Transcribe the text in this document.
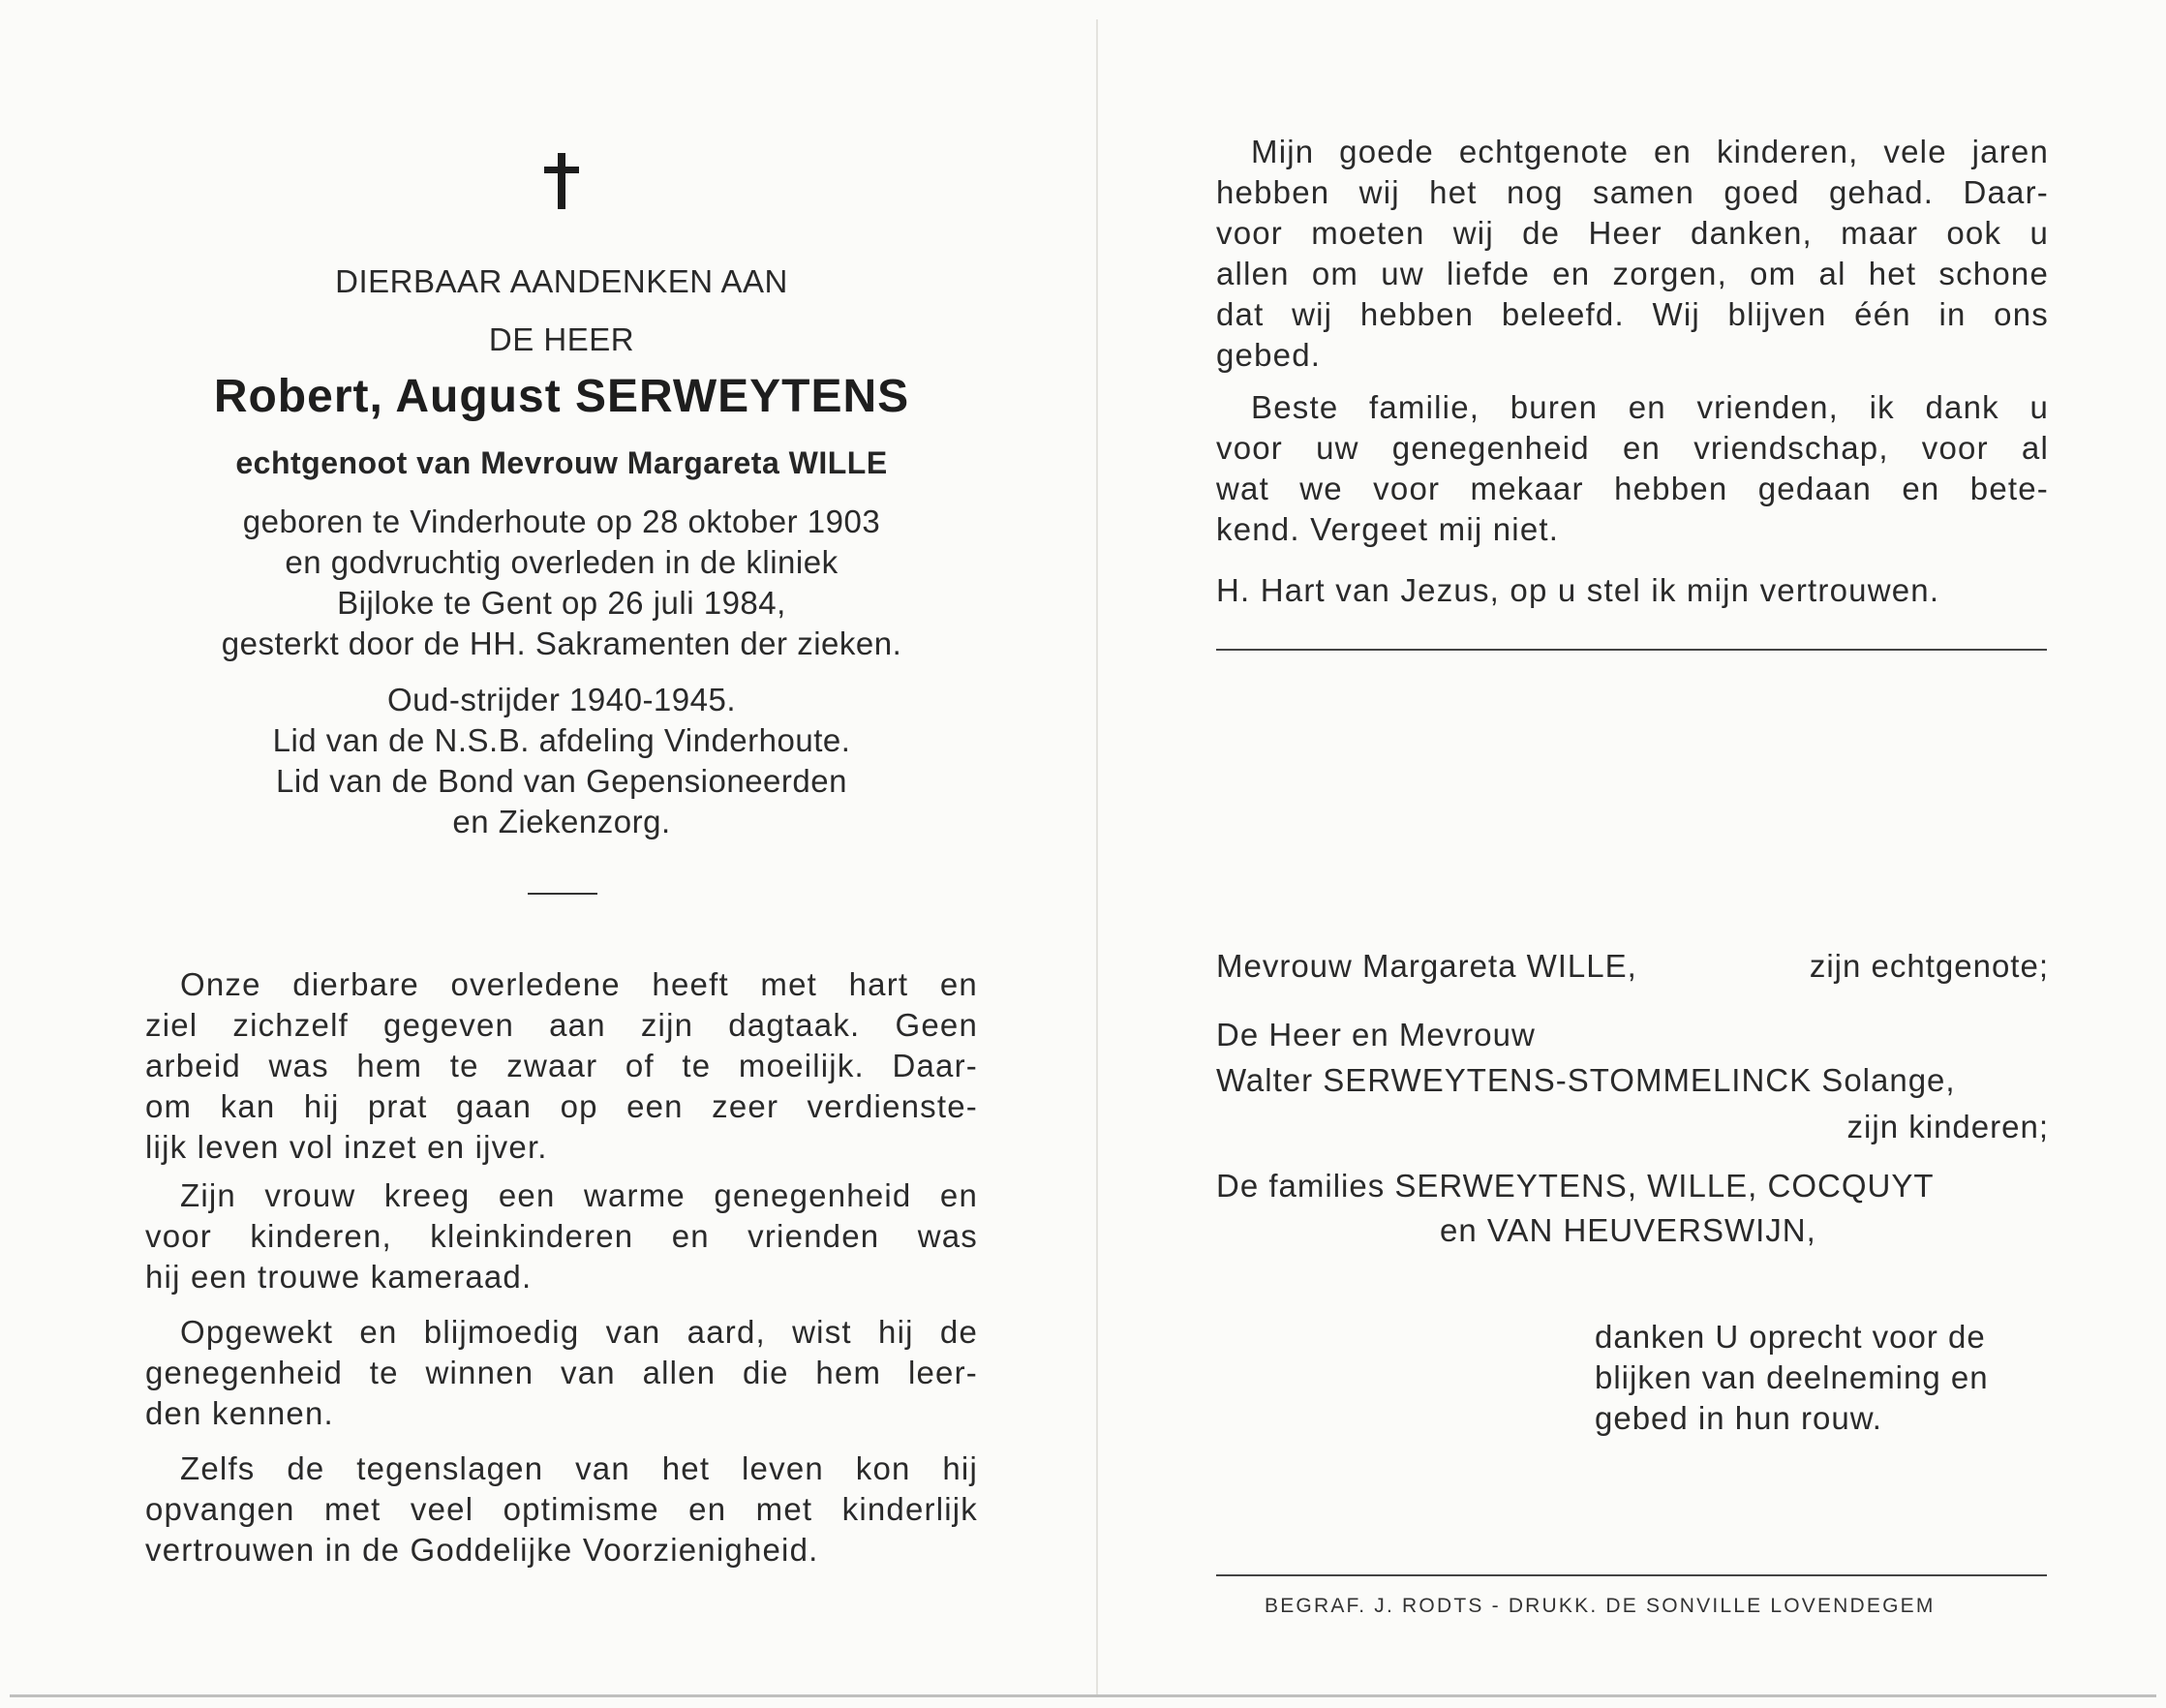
DIERBAAR AANDENKEN AAN
DE HEER
Robert, August SERWEYTENS
echtgenoot van Mevrouw Margareta WILLE
geboren te Vinderhoute op 28 oktober 1903
en godvruchtig overleden in de kliniek
Bijloke te Gent op 26 juli 1984,
gesterkt door de HH. Sakramenten der zieken.
Oud-strijder 1940-1945.
Lid van de N.S.B. afdeling Vinderhoute.
Lid van de Bond van Gepensioneerden
en Ziekenzorg.
Onze dierbare overledene heeft met hart en
ziel zichzelf gegeven aan zijn dagtaak. Geen
arbeid was hem te zwaar of te moeilijk. Daar-
om kan hij prat gaan op een zeer verdienste-
lijk leven vol inzet en ijver.
Zijn vrouw kreeg een warme genegenheid en
voor kinderen, kleinkinderen en vrienden was
hij een trouwe kameraad.
Opgewekt en blijmoedig van aard, wist hij de
genegenheid te winnen van allen die hem leer-
den kennen.
Zelfs de tegenslagen van het leven kon hij
opvangen met veel optimisme en met kinderlijk
vertrouwen in de Goddelijke Voorzienigheid.
Mijn goede echtgenote en kinderen, vele jaren
hebben wij het nog samen goed gehad. Daar-
voor moeten wij de Heer danken, maar ook u
allen om uw liefde en zorgen, om al het schone
dat wij hebben beleefd. Wij blijven één in ons
gebed.
Beste familie, buren en vrienden, ik dank u
voor uw genegenheid en vriendschap, voor al
wat we voor mekaar hebben gedaan en bete-
kend. Vergeet mij niet.
H. Hart van Jezus, op u stel ik mijn vertrouwen.
Mevrouw Margareta WILLE,	zijn echtgenote;
De Heer en Mevrouw
Walter SERWEYTENS-STOMMELINCK Solange,
zijn kinderen;
De families SERWEYTENS, WILLE, COCQUYT
en VAN HEUVERSWIJN,
danken U oprecht voor de
blijken van deelneming en
gebed in hun rouw.
BEGRAF. J. RODTS - DRUKK. DE SONVILLE LOVENDEGEM
